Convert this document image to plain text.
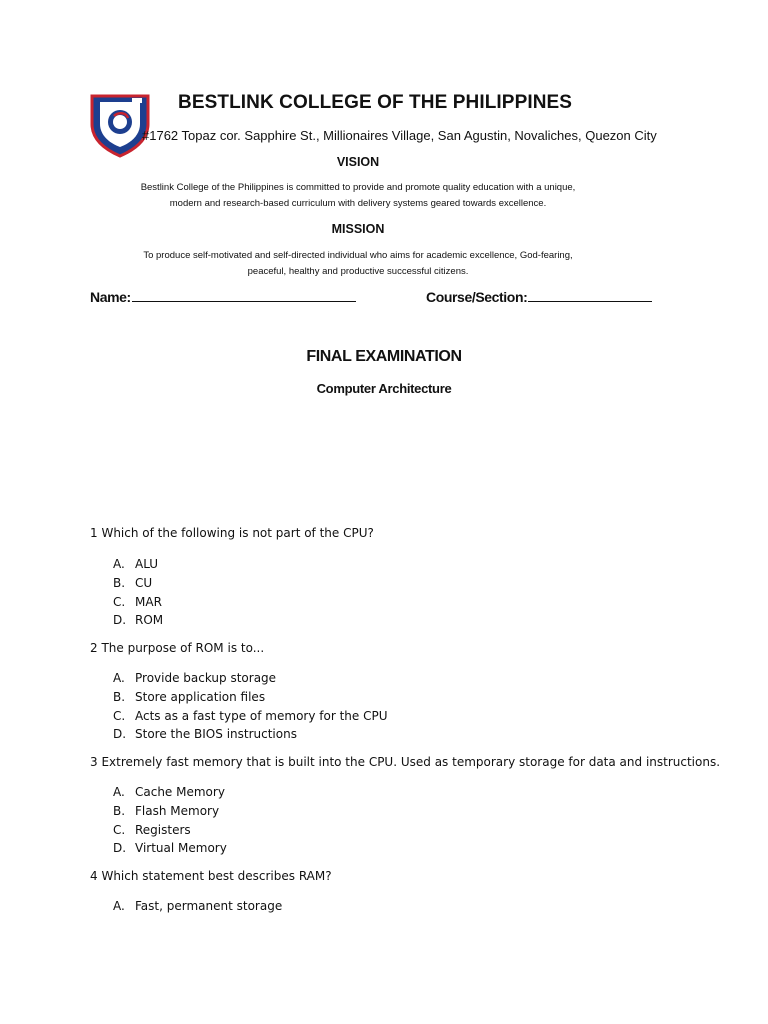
BESTLINK COLLEGE OF THE PHILIPPINES
#1762 Topaz cor. Sapphire St., Millionaires Village, San Agustin, Novaliches, Quezon City
VISION
Bestlink College of the Philippines is committed to provide and promote quality education with a unique,
modern and research-based curriculum with delivery systems geared towards excellence.
MISSION
To produce self-motivated and self-directed individual who aims for academic excellence, God-fearing,
peaceful, healthy and productive successful citizens.
Name:	Course/Section:
FINAL EXAMINATION
Computer Architecture
1 Which of the following is not part of the CPU?
A. ALU
B. CU
C. MAR
D. ROM
2 The purpose of ROM is to...
A. Provide backup storage
B. Store application files
C. Acts as a fast type of memory for the CPU
D. Store the BIOS instructions
3 Extremely fast memory that is built into the CPU. Used as temporary storage for data and instructions.
A. Cache Memory
B. Flash Memory
C. Registers
D. Virtual Memory
4 Which statement best describes RAM?
A. Fast, permanent storage
